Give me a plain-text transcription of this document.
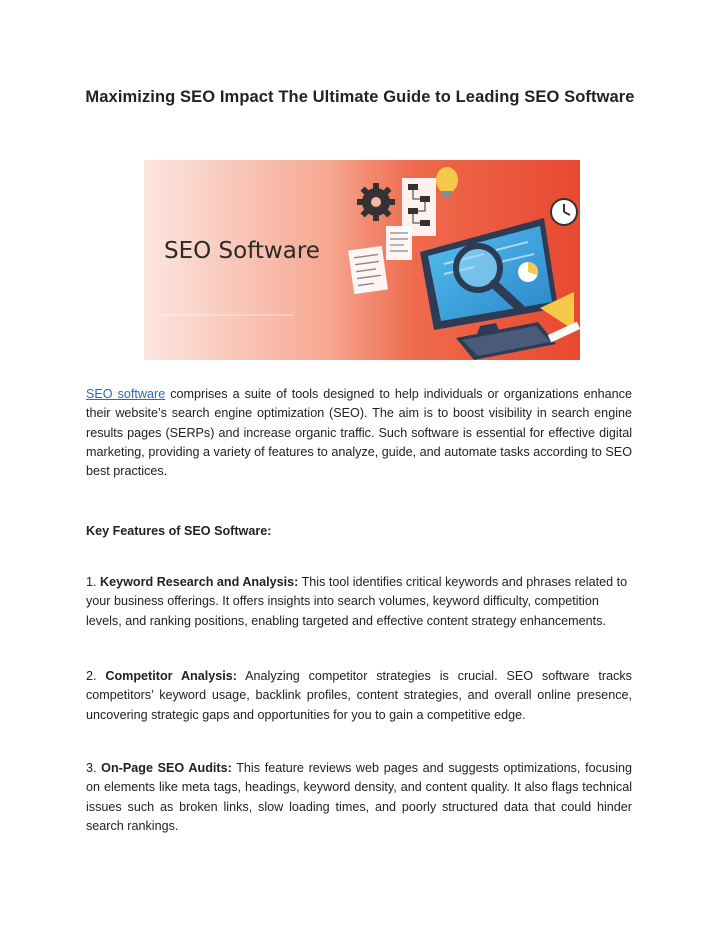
Maximizing SEO Impact The Ultimate Guide to Leading SEO Software
SEO Software

SEO software comprises a suite of tools designed to help individuals or organizations enhance their website’s search engine optimization (SEO). The aim is to boost visibility in search engine results pages (SERPs) and increase organic traffic. Such software is essential for effective digital marketing, providing a variety of features to analyze, guide, and automate tasks according to SEO best practices.

Key Features of SEO Software:

1. Keyword Research and Analysis: This tool identifies critical keywords and phrases related to your business offerings. It offers insights into search volumes, keyword difficulty, competition levels, and ranking positions, enabling targeted and effective content strategy enhancements.

2. Competitor Analysis: Analyzing competitor strategies is crucial. SEO software tracks competitors’ keyword usage, backlink profiles, content strategies, and overall online presence, uncovering strategic gaps and opportunities for you to gain a competitive edge.

3. On-Page SEO Audits: This feature reviews web pages and suggests optimizations, focusing on elements like meta tags, headings, keyword density, and content quality. It also flags technical issues such as broken links, slow loading times, and poorly structured data that could hinder search rankings.
